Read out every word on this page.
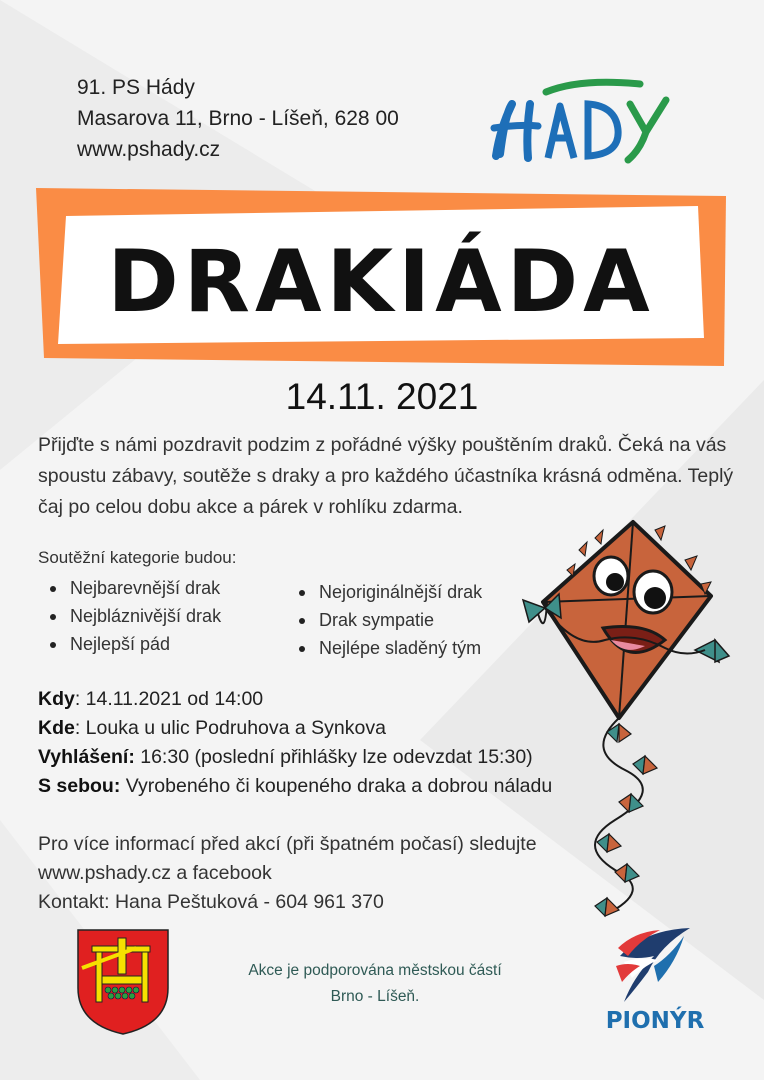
91. PS Hády
Masarova 11, Brno - Líšeň, 628 00
www.pshady.cz
DRAKIÁDA
14.11. 2021
Přijďte s námi pozdravit podzim z pořádné výšky pouštěním draků. Čeká na vás spoustu zábavy, soutěže s draky a pro každého účastníka krásná odměna. Teplý čaj po celou dobu akce a párek v rohlíku zdarma.
Soutěžní kategorie budou:
Nejbarevnější drak
Nejbláznivější drak
Nejlepší pád
Nejoriginálnější drak
Drak sympatie
Nejlépe sladěný tým
Kdy: 14.11.2021 od 14:00
Kde: Louka u ulic Podruhova a Synkova
Vyhlášení: 16:30 (poslední přihlášky lze odevzdat 15:30)
S sebou: Vyrobeného či koupeného draka a dobrou náladu
Pro více informací před akcí (při špatném počasí) sledujte
www.pshady.cz a facebook
Kontakt: Hana Peštuková - 604 961 370
Akce je podporována městskou částí
Brno - Líšeň.
PIONÝR
